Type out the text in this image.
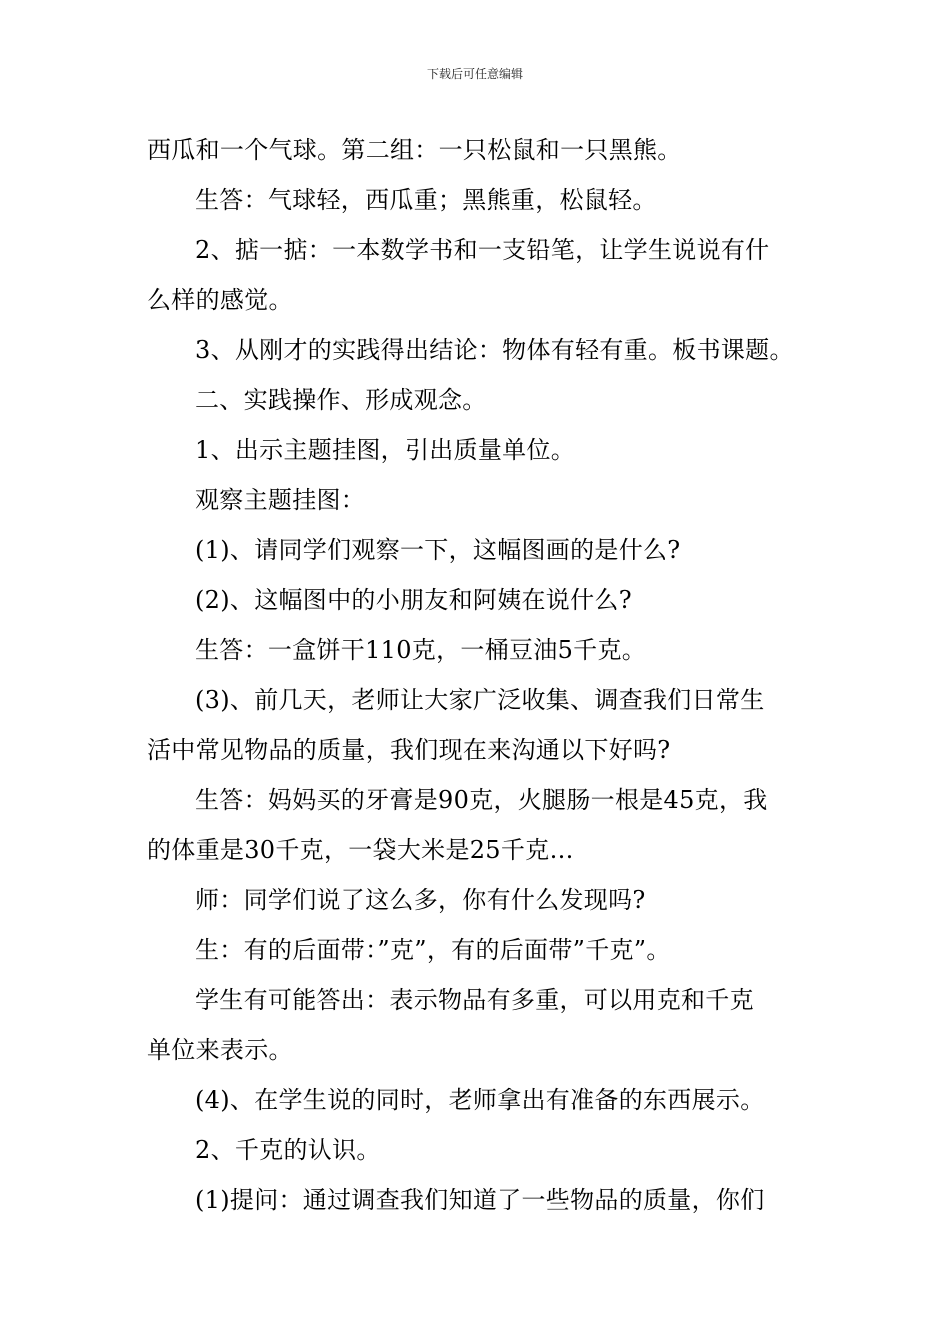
下载后可任意编辑

西瓜和一个气球。第二组：一只松鼠和一只黑熊。

生答：气球轻，西瓜重；黑熊重，松鼠轻。

2、掂一掂：一本数学书和一支铅笔，让学生说说有什

么样的感觉。

3、从刚才的实践得出结论：物体有轻有重。板书课题。

二、实践操作、形成观念。

1、出示主题挂图，引出质量单位。

观察主题挂图：

(1)、请同学们观察一下，这幅图画的是什么?

(2)、这幅图中的小朋友和阿姨在说什么?

生答：一盒饼干110克，一桶豆油5千克。

(3)、前几天，老师让大家广泛收集、调查我们日常生

活中常见物品的质量，我们现在来沟通以下好吗?

生答：妈妈买的牙膏是90克，火腿肠一根是45克，我

的体重是30千克，一袋大米是25千克…

师：同学们说了这么多，你有什么发现吗?

生：有的后面带：”克”，有的后面带”千克”。

学生有可能答出：表示物品有多重，可以用克和千克

单位来表示。

(4)、在学生说的同时，老师拿出有准备的东西展示。

2、千克的认识。

(1)提问：通过调查我们知道了一些物品的质量，你们
